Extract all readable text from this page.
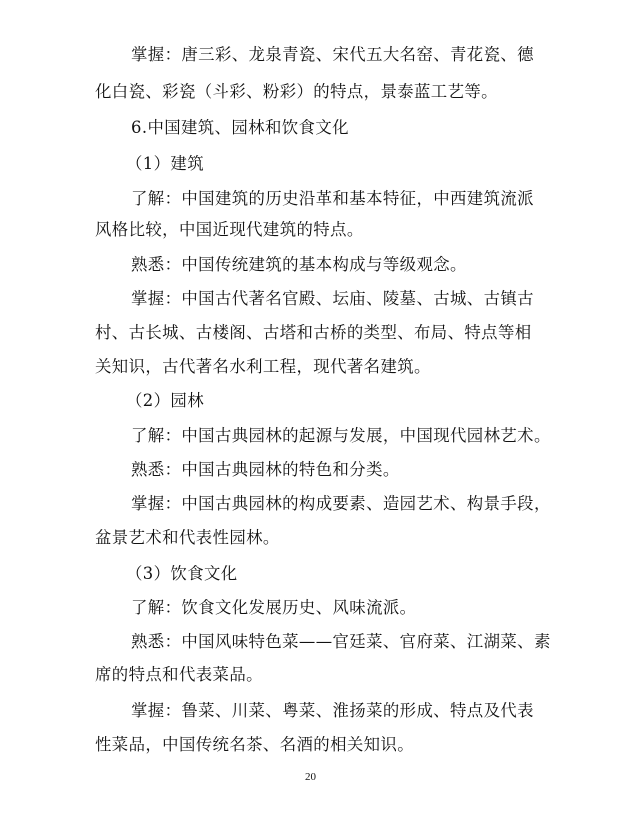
掌握：唐三彩、龙泉青瓷、宋代五大名窑、青花瓷、德
化白瓷、彩瓷（斗彩、粉彩）的特点，景泰蓝工艺等。
6.中国建筑、园林和饮食文化
（1）建筑
了解：中国建筑的历史沿革和基本特征，中西建筑流派
风格比较，中国近现代建筑的特点。
熟悉：中国传统建筑的基本构成与等级观念。
掌握：中国古代著名官殿、坛庙、陵墓、古城、古镇古
村、古长城、古楼阁、古塔和古桥的类型、布局、特点等相
关知识，古代著名水利工程，现代著名建筑。
（2）园林
了解：中国古典园林的起源与发展，中国现代园林艺术。
熟悉：中国古典园林的特色和分类。
掌握：中国古典园林的构成要素、造园艺术、构景手段，
盆景艺术和代表性园林。
（3）饮食文化
了解：饮食文化发展历史、风味流派。
熟悉：中国风味特色菜——官廷菜、官府菜、江湖菜、素
席的特点和代表菜品。
掌握：鲁菜、川菜、粤菜、淮扬菜的形成、特点及代表
性菜品，中国传统名茶、名酒的相关知识。
20
